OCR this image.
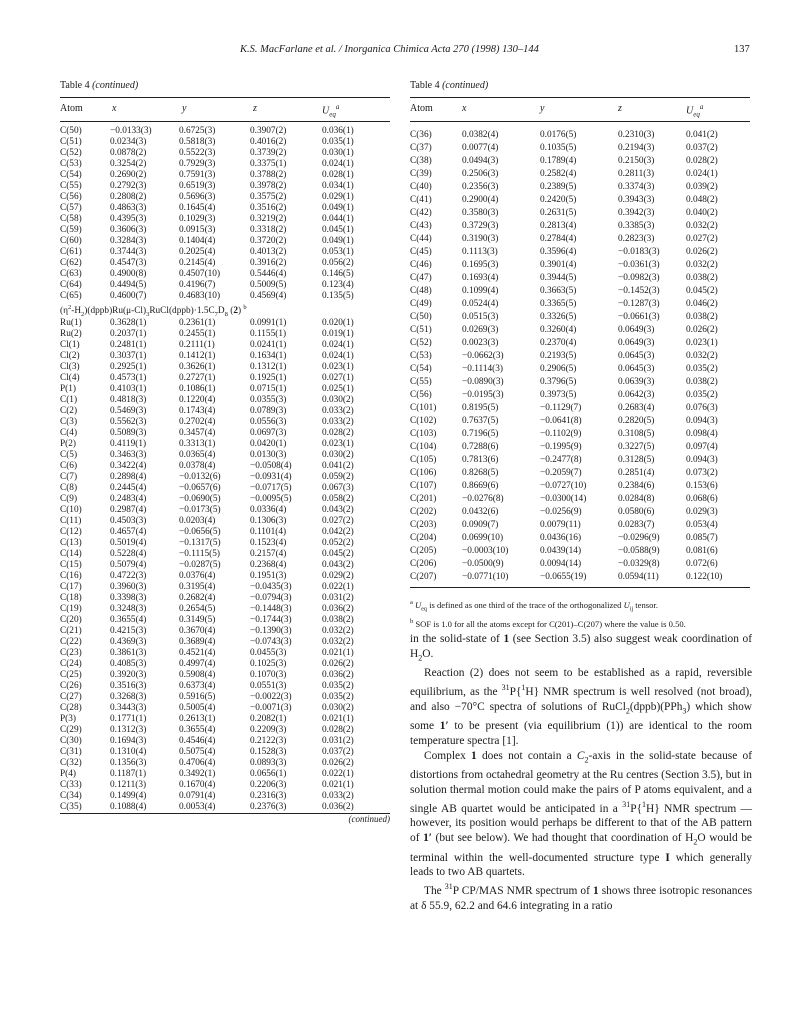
K.S. MacFarlane et al. / Inorganica Chimica Acta 270 (1998) 130–144	137
Table 4 (continued)
Atom	x	y	z	$U_{eq}^a$
C(50)	−0.0133(3)	0.6725(3)	0.3907(2)	0.036(1)
C(51)	0.0234(3)	0.5818(3)	0.4016(2)	0.035(1)
C(52)	0.0878(2)	0.5522(3)	0.3739(2)	0.030(1)
C(53)	0.3254(2)	0.7929(3)	0.3375(1)	0.024(1)
C(54)	0.2690(2)	0.7591(3)	0.3788(2)	0.028(1)
C(55)	0.2792(3)	0.6519(3)	0.3978(2)	0.034(1)
C(56)	0.2808(2)	0.5696(3)	0.3575(2)	0.029(1)
C(57)	0.4863(3)	0.1645(4)	0.3516(2)	0.049(1)
C(58)	0.4395(3)	0.1029(3)	0.3219(2)	0.044(1)
C(59)	0.3606(3)	0.0915(3)	0.3318(2)	0.045(1)
C(60)	0.3284(3)	0.1404(4)	0.3720(2)	0.049(1)
C(61)	0.3744(3)	0.2025(4)	0.4013(2)	0.053(1)
C(62)	0.4547(3)	0.2145(4)	0.3916(2)	0.056(2)
C(63)	0.4900(8)	0.4507(10)	0.5446(4)	0.146(5)
C(64)	0.4494(5)	0.4196(7)	0.5009(5)	0.123(4)
C(65)	0.4600(7)	0.4683(10)	0.4569(4)	0.135(5)
$(\eta^2-H_2)(dppb)Ru(\mu-Cl)_3RuCl(dppb)\cdot 1.5C_7D_8$ (2) $^b$
Ru(1)	0.3628(1)	0.2361(1)	0.0991(1)	0.020(1)
Ru(2)	0.2037(1)	0.2455(1)	0.1155(1)	0.019(1)
Cl(1)	0.2481(1)	0.2111(1)	0.0241(1)	0.024(1)
Cl(2)	0.3037(1)	0.1412(1)	0.1634(1)	0.024(1)
Cl(3)	0.2925(1)	0.3626(1)	0.1312(1)	0.023(1)
Cl(4)	0.4573(1)	0.2727(1)	0.1925(1)	0.027(1)
P(1)	0.4103(1)	0.1086(1)	0.0715(1)	0.025(1)
C(1)	0.4818(3)	0.1220(4)	0.0355(3)	0.030(2)
C(2)	0.5469(3)	0.1743(4)	0.0789(3)	0.033(2)
C(3)	0.5562(3)	0.2702(4)	0.0556(3)	0.033(2)
C(4)	0.5089(3)	0.3457(4)	0.0697(3)	0.028(2)
P(2)	0.4119(1)	0.3313(1)	0.0420(1)	0.023(1)
C(5)	0.3463(3)	0.0365(4)	0.0130(3)	0.030(2)
C(6)	0.3422(4)	0.0378(4)	−0.0508(4)	0.041(2)
C(7)	0.2898(4)	−0.0132(6)	−0.0931(4)	0.059(2)
C(8)	0.2445(4)	−0.0657(6)	−0.0717(5)	0.067(3)
C(9)	0.2483(4)	−0.0690(5)	−0.0095(5)	0.058(2)
C(10)	0.2987(4)	−0.0173(5)	0.0336(4)	0.043(2)
C(11)	0.4503(3)	0.0203(4)	0.1306(3)	0.027(2)
C(12)	0.4657(4)	−0.0656(5)	0.1101(4)	0.042(2)
C(13)	0.5019(4)	−0.1317(5)	0.1523(4)	0.052(2)
C(14)	0.5228(4)	−0.1115(5)	0.2157(4)	0.045(2)
C(15)	0.5079(4)	−0.0287(5)	0.2368(4)	0.043(2)
C(16)	0.4722(3)	0.0376(4)	0.1951(3)	0.029(2)
C(17)	0.3960(3)	0.3195(4)	−0.0435(3)	0.022(1)
C(18)	0.3398(3)	0.2682(4)	−0.0794(3)	0.031(2)
C(19)	0.3248(3)	0.2654(5)	−0.1448(3)	0.036(2)
C(20)	0.3655(4)	0.3149(5)	−0.1744(3)	0.038(2)
C(21)	0.4215(3)	0.3670(4)	−0.1390(3)	0.032(2)
C(22)	0.4369(3)	0.3689(4)	−0.0743(3)	0.032(2)
C(23)	0.3861(3)	0.4521(4)	0.0455(3)	0.021(1)
C(24)	0.4085(3)	0.4997(4)	0.1025(3)	0.026(2)
C(25)	0.3920(3)	0.5908(4)	0.1070(3)	0.036(2)
C(26)	0.3516(3)	0.6373(4)	0.0551(3)	0.035(2)
C(27)	0.3268(3)	0.5916(5)	−0.0022(3)	0.035(2)
C(28)	0.3443(3)	0.5005(4)	−0.0071(3)	0.030(2)
P(3)	0.1771(1)	0.2613(1)	0.2082(1)	0.021(1)
C(29)	0.1312(3)	0.3655(4)	0.2209(3)	0.028(2)
C(30)	0.1694(3)	0.4546(4)	0.2122(3)	0.031(2)
C(31)	0.1310(4)	0.5075(4)	0.1528(3)	0.037(2)
C(32)	0.1356(3)	0.4706(4)	0.0893(3)	0.026(2)
P(4)	0.1187(1)	0.3492(1)	0.0656(1)	0.022(1)
C(33)	0.1211(3)	0.1670(4)	0.2206(3)	0.021(1)
C(34)	0.1499(4)	0.0791(4)	0.2316(3)	0.033(2)
C(35)	0.1088(4)	0.0053(4)	0.2376(3)	0.036(2)
(continued)
Table 4 (continued)
Atom	x	y	z	$U_{eq}^a$
C(36)	0.0382(4)	0.0176(5)	0.2310(3)	0.041(2)
C(37)	0.0077(4)	0.1035(5)	0.2194(3)	0.037(2)
C(38)	0.0494(3)	0.1789(4)	0.2150(3)	0.028(2)
C(39)	0.2506(3)	0.2582(4)	0.2811(3)	0.024(1)
C(40)	0.2356(3)	0.2389(5)	0.3374(3)	0.039(2)
C(41)	0.2900(4)	0.2420(5)	0.3943(3)	0.048(2)
C(42)	0.3580(3)	0.2631(5)	0.3942(3)	0.040(2)
C(43)	0.3729(3)	0.2813(4)	0.3385(3)	0.032(2)
C(44)	0.3190(3)	0.2784(4)	0.2823(3)	0.027(2)
C(45)	0.1113(3)	0.3596(4)	−0.0183(3)	0.026(2)
C(46)	0.1695(3)	0.3901(4)	−0.0361(3)	0.032(2)
C(47)	0.1693(4)	0.3944(5)	−0.0982(3)	0.038(2)
C(48)	0.1099(4)	0.3663(5)	−0.1452(3)	0.045(2)
C(49)	0.0524(4)	0.3365(5)	−0.1287(3)	0.046(2)
C(50)	0.0515(3)	0.3326(5)	−0.0661(3)	0.038(2)
C(51)	0.0269(3)	0.3260(4)	0.0649(3)	0.026(2)
C(52)	0.0023(3)	0.2370(4)	0.0649(3)	0.023(1)
C(53)	−0.0662(3)	0.2193(5)	0.0645(3)	0.032(2)
C(54)	−0.1114(3)	0.2906(5)	0.0645(3)	0.035(2)
C(55)	−0.0890(3)	0.3796(5)	0.0639(3)	0.038(2)
C(56)	−0.0195(3)	0.3973(5)	0.0642(3)	0.035(2)
C(101)	0.8195(5)	−0.1129(7)	0.2683(4)	0.076(3)
C(102)	0.7637(5)	−0.0641(8)	0.2820(5)	0.094(3)
C(103)	0.7196(5)	−0.1102(9)	0.3108(5)	0.098(4)
C(104)	0.7288(6)	−0.1995(9)	0.3227(5)	0.097(4)
C(105)	0.7813(6)	−0.2477(8)	0.3128(5)	0.094(3)
C(106)	0.8268(5)	−0.2059(7)	0.2851(4)	0.073(2)
C(107)	0.8669(6)	−0.0727(10)	0.2384(6)	0.153(6)
C(201)	−0.0276(8)	−0.0300(14)	0.0284(8)	0.068(6)
C(202)	0.0432(6)	−0.0256(9)	0.0580(6)	0.029(3)
C(203)	0.0909(7)	0.0079(11)	0.0283(7)	0.053(4)
C(204)	0.0699(10)	0.0436(16)	−0.0296(9)	0.085(7)
C(205)	−0.0003(10)	0.0439(14)	−0.0588(9)	0.081(6)
C(206)	−0.0500(9)	0.0094(14)	−0.0329(8)	0.072(6)
C(207)	−0.0771(10)	−0.0655(19)	0.0594(11)	0.122(10)

$^a$ $U_{eq}$ is defined as one third of the trace of the orthogonalized $U_{ij}$ tensor.

$^b$ SOF is 1.0 for all the atoms except for C(201)–C(207) where the value is 0.50.

in the solid-state of 1 (see Section 3.5) also suggest weak coordination of $H_2O$.

Reaction (2) does not seem to be established as a rapid, reversible equilibrium, as the $^{31}$P{$^1$H} NMR spectrum is well resolved (not broad), and also −70°C spectra of solutions of RuCl$_2$(dppb)(PPh$_3$) which show some 1′ to be present (via equilibrium (1)) are identical to the room temperature spectra [1].

Complex 1 does not contain a $C_2$-axis in the solid-state because of distortions from octahedral geometry at the Ru centres (Section 3.5), but in solution thermal motion could make the pairs of P atoms equivalent, and a single AB quartet would be anticipated in a $^{31}$P{$^1$H} NMR spectrum — however, its position would perhaps be different to that of the AB pattern of 1′ (but see below). We had thought that coordination of $H_2O$ would be terminal within the well-documented structure type I which generally leads to two AB quartets.

The $^{31}$P CP/MAS NMR spectrum of 1 shows three isotropic resonances at δ 55.9, 62.2 and 64.6 integrating in a ratio
